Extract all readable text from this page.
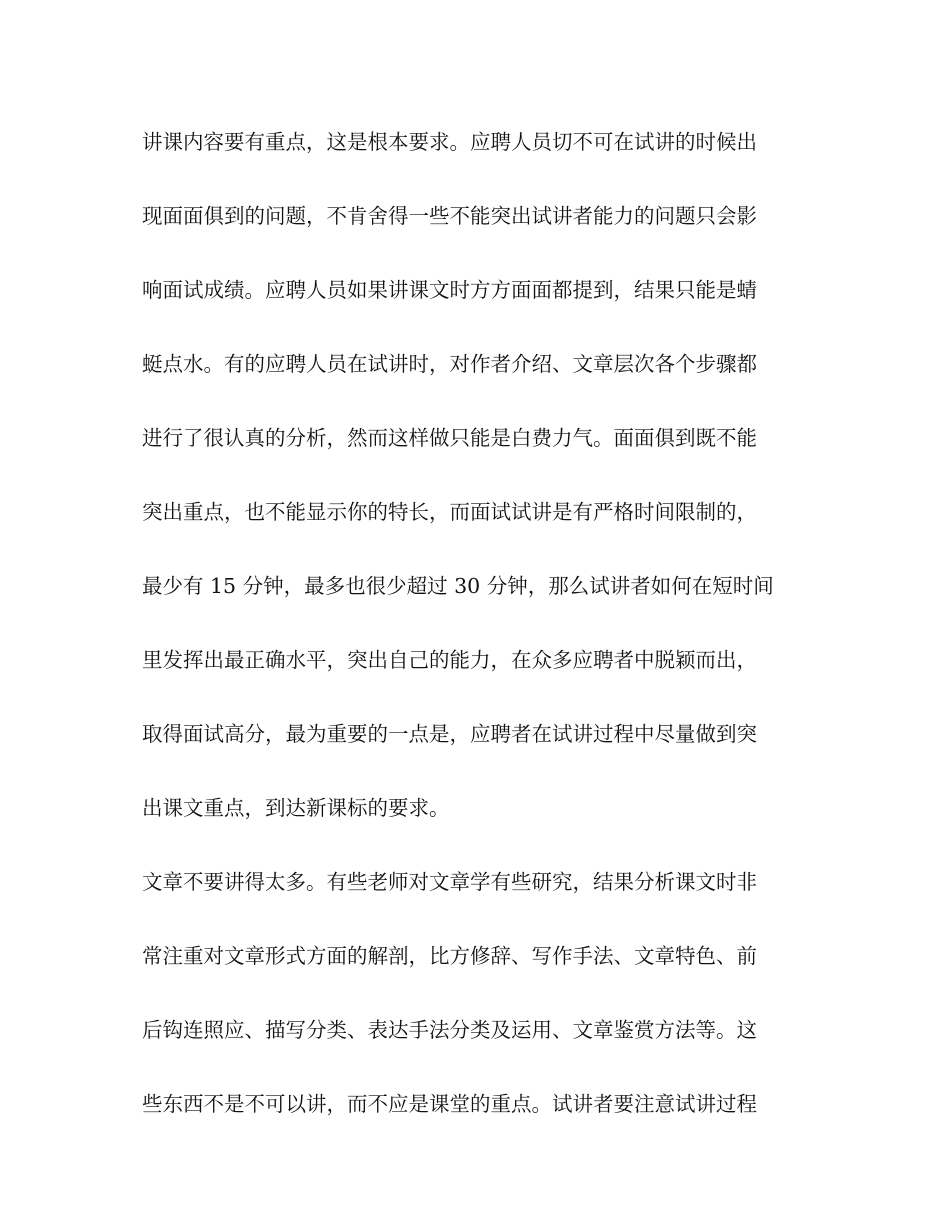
讲课内容要有重点，这是根本要求。应聘人员切不可在试讲的时候出
现面面俱到的问题，不肯舍得一些不能突出试讲者能力的问题只会影
响面试成绩。应聘人员如果讲课文时方方面面都提到，结果只能是蜻
蜓点水。有的应聘人员在试讲时，对作者介绍、文章层次各个步骤都
进行了很认真的分析，然而这样做只能是白费力气。面面俱到既不能
突出重点，也不能显示你的特长，而面试试讲是有严格时间限制的，
最少有 15 分钟，最多也很少超过 30 分钟，那么试讲者如何在短时间
里发挥出最正确水平，突出自己的能力，在众多应聘者中脱颖而出，
取得面试高分，最为重要的一点是，应聘者在试讲过程中尽量做到突
出课文重点，到达新课标的要求。
文章不要讲得太多。有些老师对文章学有些研究，结果分析课文时非
常注重对文章形式方面的解剖，比方修辞、写作手法、文章特色、前
后钩连照应、描写分类、表达手法分类及运用、文章鉴赏方法等。这
些东西不是不可以讲，而不应是课堂的重点。试讲者要注意试讲过程
